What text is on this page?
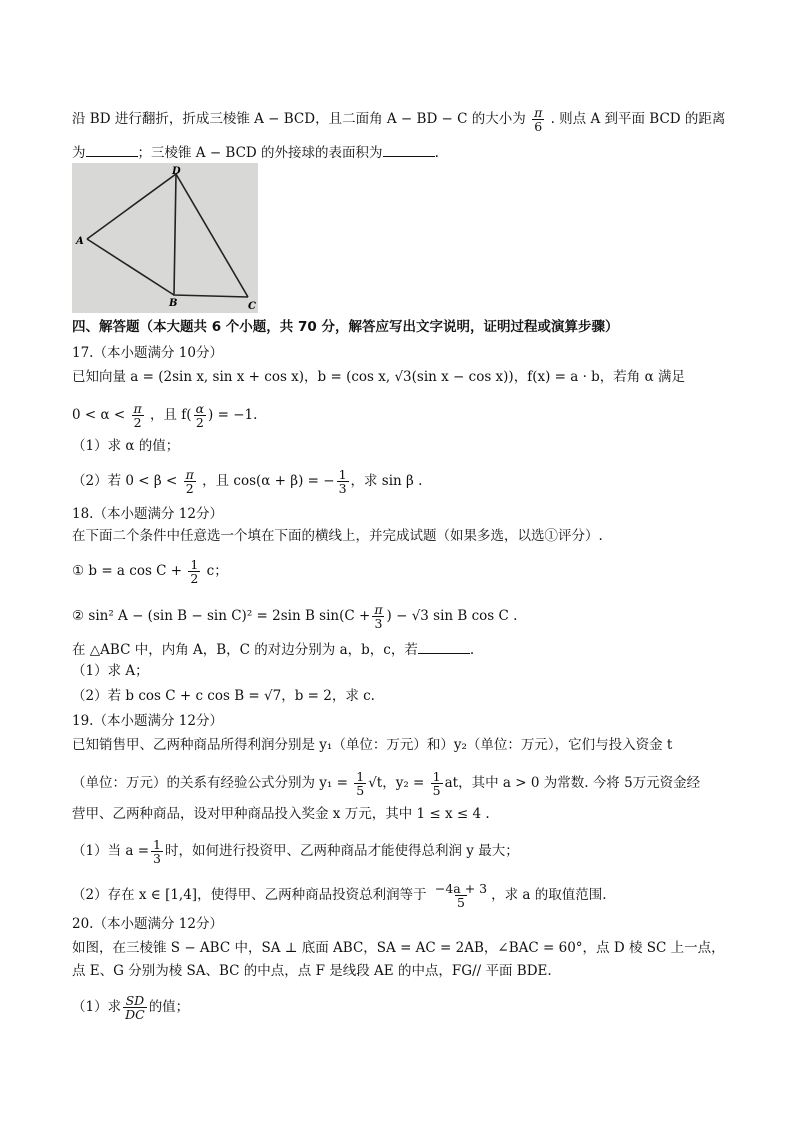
沿 BD 进行翻折，折成三棱锥 A − BCD，且二面角 A − BD − C 的大小为 $\frac{\pi}{6}$ . 则点 A 到平面 BCD 的距离
为	；三棱锥 A − BCD 的外接球的表面积为	.
D
A
B	C
四、解答题（本大题共 6 个小题，共 70 分，解答应写出文字说明，证明过程或演算步骤）
17.（本小题满分 10分）
已知向量 a = (2sin x, sin x + cos x)，b = (cos x, √3(sin x − cos x))，f(x) = a · b，若角 α 满足
$0 < \alpha < \frac{\pi}{2}$ ，且 $f( \frac{\alpha}{2}$ ) = −1.
（1）求 α 的值；
（2）若 $0 < \beta < \frac{\pi}{2}$ ，且 cos(α + β) = − $\frac{1}{3}$ ，求 sin β .
18.（本小题满分 12分）
在下面二个条件中任意选一个填在下面的横线上，并完成试题（如果多选，以选①评分）.
① b = a $\cos C + \frac{1}{2}$ c；
② sin² A − (sin B − sin C)² = 2sin B $\sin(C + \frac{\pi}{3}$ ) − √3 sin B cos C .
在 △ABC 中，内角 A，B，C 的对边分别为 a，b，c，若	.
（1）求 A；
（2）若 b cos C + c cos B = √7，b = 2，求 c.
19.（本小题满分 12分）
已知销售甲、乙两种商品所得利润分别是 y₁（单位：万元）和）y₂（单位：万元），它们与投入资金 t
（单位：万元）的关系有经验公式分别为 $y_1 = \frac{1}{5} √t$，$y_2 = \frac{1}{5}$ at，其中 a > 0 为常数. 今将 5万元资金经
营甲、乙两种商品，设对甲种商品投入奖金 x 万元，其中 1 ≤ x ≤ 4 .
（1）当 $a = \frac{1}{3}$ 时，如何进行投资甲、乙两种商品才能使得总利润 y 最大；
（2）存在 x ∈ [1,4]，使得甲、乙两种商品投资总利润等于 $\frac{-4a + 3}{5}$ ，求 a 的取值范围.
20.（本小题满分 12分）
如图，在三棱锥 S − ABC 中，SA ⊥ 底面 ABC，SA = AC = 2AB，∠BAC = 60°，点 D 棱 SC 上一点，
点 E、G 分别为棱 SA、BC 的中点，点 F 是线段 AE 的中点，FG// 平面 BDE.
（1）求 $\frac{SD}{DC}$ 的值；
